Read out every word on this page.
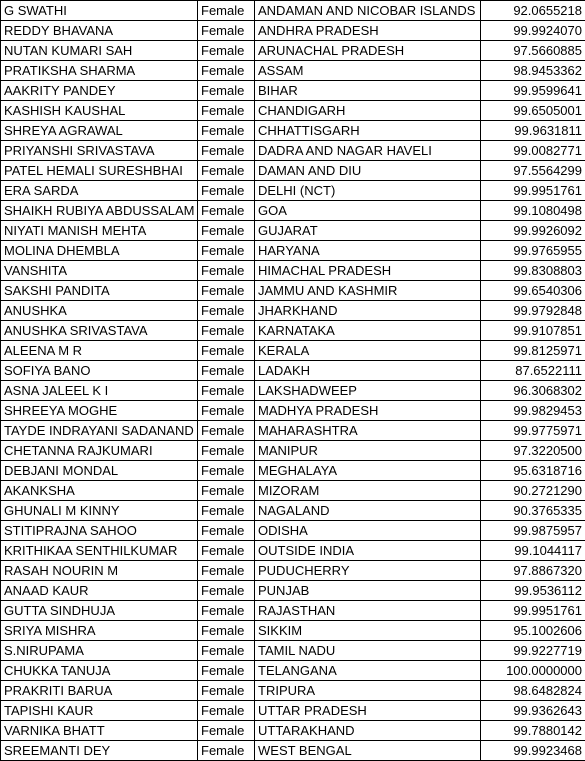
G SWATHI	Female	ANDAMAN AND NICOBAR ISLANDS	92.0655218
REDDY BHAVANA	Female	ANDHRA PRADESH	99.9924070
NUTAN KUMARI SAH	Female	ARUNACHAL PRADESH	97.5660885
PRATIKSHA SHARMA	Female	ASSAM	98.9453362
AAKRITY PANDEY	Female	BIHAR	99.9599641
KASHISH KAUSHAL	Female	CHANDIGARH	99.6505001
SHREYA AGRAWAL	Female	CHHATTISGARH	99.9631811
PRIYANSHI SRIVASTAVA	Female	DADRA AND NAGAR HAVELI	99.0082771
PATEL HEMALI SURESHBHAI	Female	DAMAN AND DIU	97.5564299
ERA SARDA	Female	DELHI (NCT)	99.9951761
SHAIKH RUBIYA ABDUSSALAM	Female	GOA	99.1080498
NIYATI MANISH MEHTA	Female	GUJARAT	99.9926092
MOLINA DHEMBLA	Female	HARYANA	99.9765955
VANSHITA	Female	HIMACHAL PRADESH	99.8308803
SAKSHI PANDITA	Female	JAMMU AND KASHMIR	99.6540306
ANUSHKA	Female	JHARKHAND	99.9792848
ANUSHKA SRIVASTAVA	Female	KARNATAKA	99.9107851
ALEENA M R	Female	KERALA	99.8125971
SOFIYA BANO	Female	LADAKH	87.6522111
ASNA JALEEL K I	Female	LAKSHADWEEP	96.3068302
SHREEYA MOGHE	Female	MADHYA PRADESH	99.9829453
TAYDE INDRAYANI SADANAND	Female	MAHARASHTRA	99.9775971
CHETANNA RAJKUMARI	Female	MANIPUR	97.3220500
DEBJANI MONDAL	Female	MEGHALAYA	95.6318716
AKANKSHA	Female	MIZORAM	90.2721290
GHUNALI M KINNY	Female	NAGALAND	90.3765335
STITIPRAJNA SAHOO	Female	ODISHA	99.9875957
KRITHIKAA SENTHILKUMAR	Female	OUTSIDE INDIA	99.1044117
RASAH NOURIN M	Female	PUDUCHERRY	97.8867320
ANAAD KAUR	Female	PUNJAB	99.9536112
GUTTA SINDHUJA	Female	RAJASTHAN	99.9951761
SRIYA MISHRA	Female	SIKKIM	95.1002606
S.NIRUPAMA	Female	TAMIL NADU	99.9227719
CHUKKA TANUJA	Female	TELANGANA	100.0000000
PRAKRITI BARUA	Female	TRIPURA	98.6482824
TAPISHI KAUR	Female	UTTAR PRADESH	99.9362643
VARNIKA BHATT	Female	UTTARAKHAND	99.7880142
SREEMANTI DEY	Female	WEST BENGAL	99.9923468
